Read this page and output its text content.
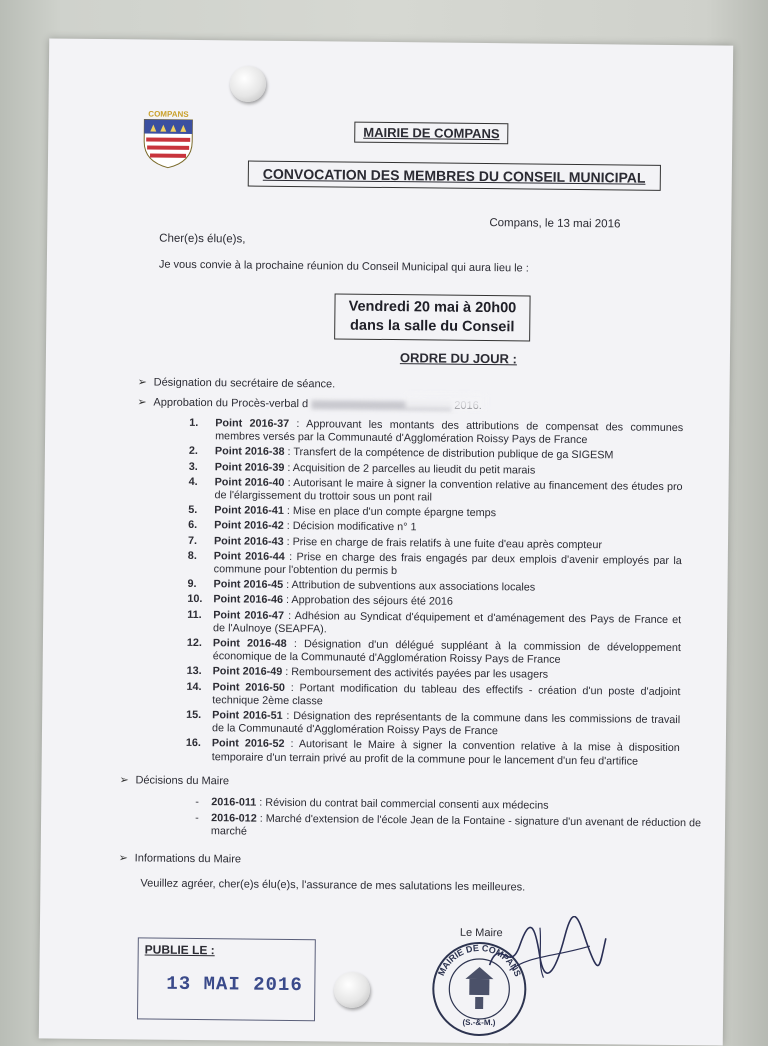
COMPANS
MAIRIE DE COMPANS
CONVOCATION DES MEMBRES DU CONSEIL MUNICIPAL
Compans, le 13 mai 2016
Cher(e)s élu(e)s,
Je vous convie à la prochaine réunion du Conseil Municipal qui aura lieu le :
Vendredi 20 mai à 20h00
dans la salle du Conseil
ORDRE DU JOUR :
➢ Désignation du secrétaire de séance.
➢ Approbation du Procès-verbal d
1. Point 2016-37 : Approuvant les montants des attributions de compensat des communes membres versés par la Communauté d'Agglomération Roissy Pays de France
2. Point 2016-38 : Transfert de la compétence de distribution publique de ga SIGESM
3. Point 2016-39 : Acquisition de 2 parcelles au lieudit du petit marais
4. Point 2016-40 : Autorisant le maire à signer la convention relative au financement des études pro de l'élargissement du trottoir sous un pont rail
5. Point 2016-41 : Mise en place d'un compte épargne temps
6. Point 2016-42 : Décision modificative n° 1
7. Point 2016-43 : Prise en charge de frais relatifs à une fuite d'eau après compteur
8. Point 2016-44 : Prise en charge des frais engagés par deux emplois d'avenir employés par la commune pour l'obtention du permis b
9. Point 2016-45 : Attribution de subventions aux associations locales
10. Point 2016-46 : Approbation des séjours été 2016
11. Point 2016-47 : Adhésion au Syndicat d'équipement et d'aménagement des Pays de France et de l'Aulnoye (SEAPFA).
12. Point 2016-48 : Désignation d'un délégué suppléant à la commission de développement économique de la Communauté d'Agglomération Roissy Pays de France
13. Point 2016-49 : Remboursement des activités payées par les usagers
14. Point 2016-50 : Portant modification du tableau des effectifs - création d'un poste d'adjoint technique 2ème classe
15. Point 2016-51 : Désignation des représentants de la commune dans les commissions de travail de la Communauté d'Agglomération Roissy Pays de France
16. Point 2016-52 : Autorisant le Maire à signer la convention relative à la mise à disposition temporaire d'un terrain privé au profit de la commune pour le lancement d'un feu d'artifice
➢ Décisions du Maire
- 2016-011 : Révision du contrat bail commercial consenti aux médecins
- 2016-012 : Marché d'extension de l'école Jean de la Fontaine - signature d'un avenant de réduction de marché
➢ Informations du Maire
Veuillez agréer, cher(e)s élu(e)s, l'assurance de mes salutations les meilleures.
PUBLIE LE :
13 MAI 2016
Le Maire
MAIRIE DE COMPANS
(S.-&-M.)
